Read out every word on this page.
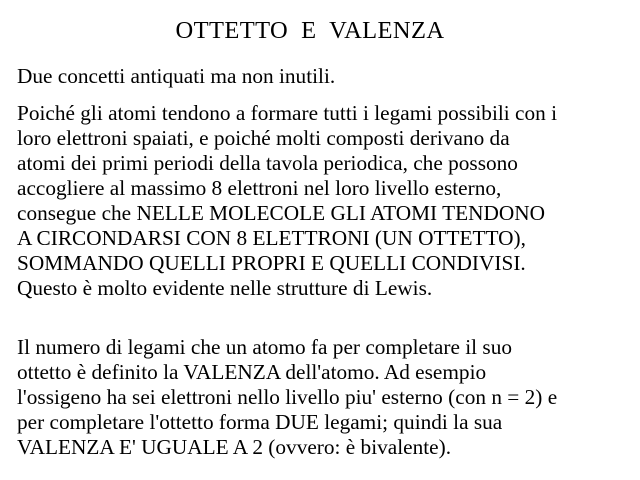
OTTETTO  E  VALENZA

Due concetti antiquati ma non inutili.

Poiché gli atomi tendono a formare tutti i legami possibili con i
loro elettroni spaiati, e poiché molti composti derivano da
atomi dei primi periodi della tavola periodica, che possono
accogliere al massimo 8 elettroni nel loro livello esterno,
consegue che NELLE MOLECOLE GLI ATOMI TENDONO
A CIRCONDARSI CON 8 ELETTRONI (UN OTTETTO),
SOMMANDO QUELLI PROPRI E QUELLI CONDIVISI.
Questo è molto evidente nelle strutture di Lewis.

Il numero di legami che un atomo fa per completare il suo
ottetto è definito la VALENZA dell'atomo. Ad esempio
l'ossigeno ha sei elettroni nello livello piu' esterno (con n = 2) e
per completare l'ottetto forma DUE legami; quindi la sua
VALENZA E' UGUALE A 2 (ovvero: è bivalente).
